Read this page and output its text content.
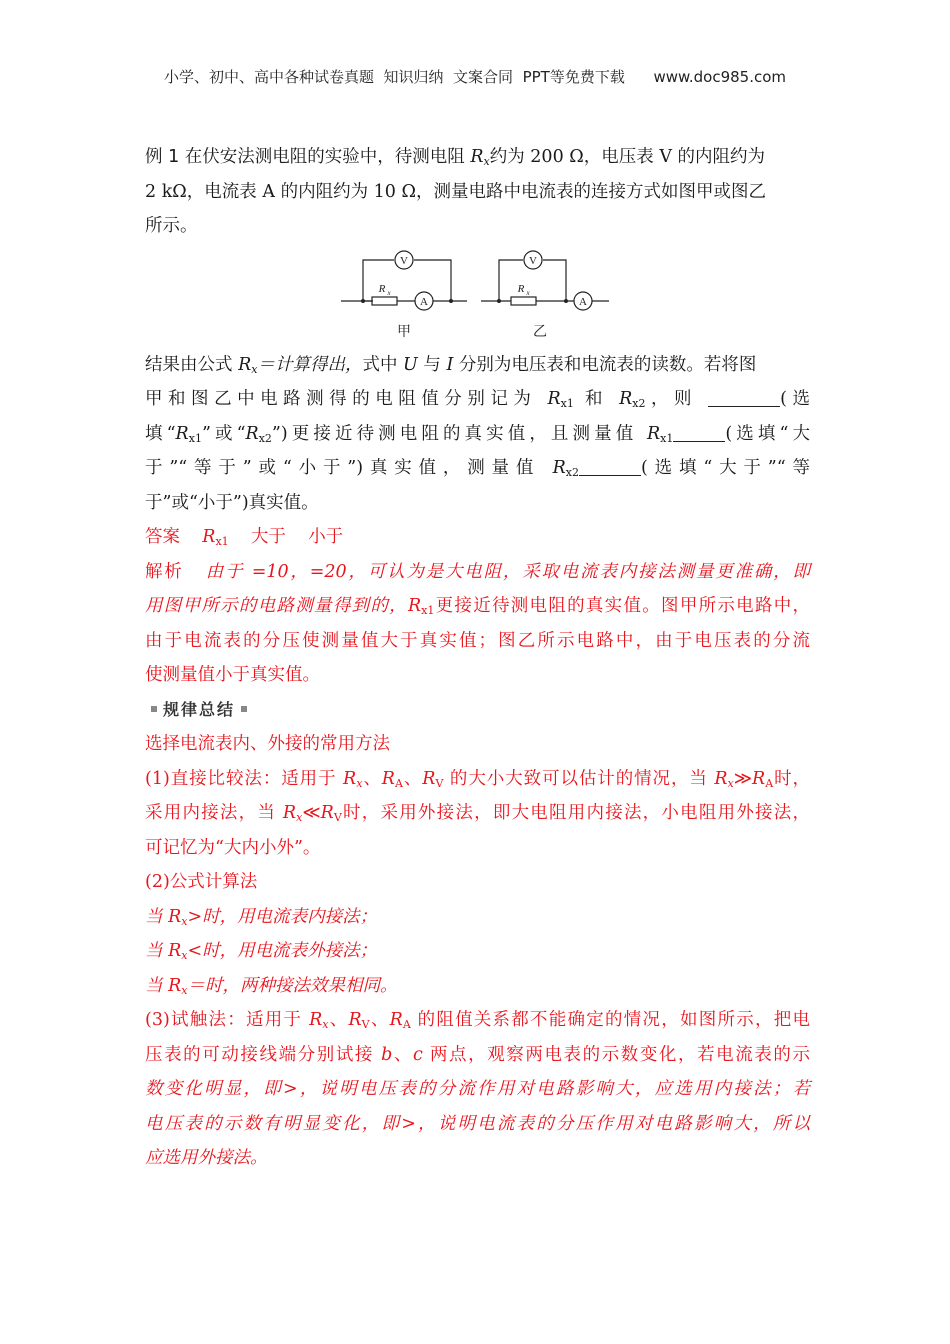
小学、初中、高中各种试卷真题  知识归纳  文案合同  PPT等免费下载      www.doc985.com
例 1 在伏安法测电阻的实验中，待测电阻 $R_x$约为 200 Ω，电压表 V 的内阻约为
2 kΩ，电流表 A 的内阻约为 10 Ω，测量电路中电流表的连接方式如图甲或图乙
所示。
V
A
V
A
R x	R x
甲	乙
结果由公式 $R_x=$计算得出，式中 U 与 I 分别为电压表和电流表的读数。若将图
甲和图乙中电路测得的电阻值分别记为 $R_{x1}$ 和 $R_{x2}$，则	(选
填“$R_{x1}$”或“$R_{x2}$”)更接近待测电阻的真实值，且测量值 $R_{x1}$	(选填“大
于”“等于”或“小于”)真实值，测量值 $R_{x2}$	(选填“大于”“等
于”或“小于”)真实值。
答案 $R_{x1}$ 大于 小于
解析 由于 =10，=20，可认为是大电阻，采取电流表内接法测量更准确，即
用图甲所示的电路测量得到的，$R_{x1}$更接近待测电阻的真实值。图甲所示电路中，
由于电流表的分压使测量值大于真实值；图乙所示电路中，由于电压表的分流
使测量值小于真实值。
规律总结
选择电流表内、外接的常用方法
(1)直接比较法：适用于 $R_x$、$R_A$、$R_V$ 的大小大致可以估计的情况，当 $R_x≫R_A$时，
采用内接法，当 $R_x≪R_V$时，采用外接法，即大电阻用内接法，小电阻用外接法，
可记忆为“大内小外”。
(2)公式计算法
当 $R_x>$时，用电流表内接法；
当 $R_x<$时，用电流表外接法；
当 $R_x=$时，两种接法效果相同。
(3)试触法：适用于 $R_x$、$R_V$、$R_A$ 的阻值关系都不能确定的情况，如图所示，把电
压表的可动接线端分别试接 b、c 两点，观察两电表的示数变化，若电流表的示
数变化明显，即>，说明电压表的分流作用对电路影响大，应选用内接法；若
电压表的示数有明显变化，即>，说明电流表的分压作用对电路影响大，所以
应选用外接法。
